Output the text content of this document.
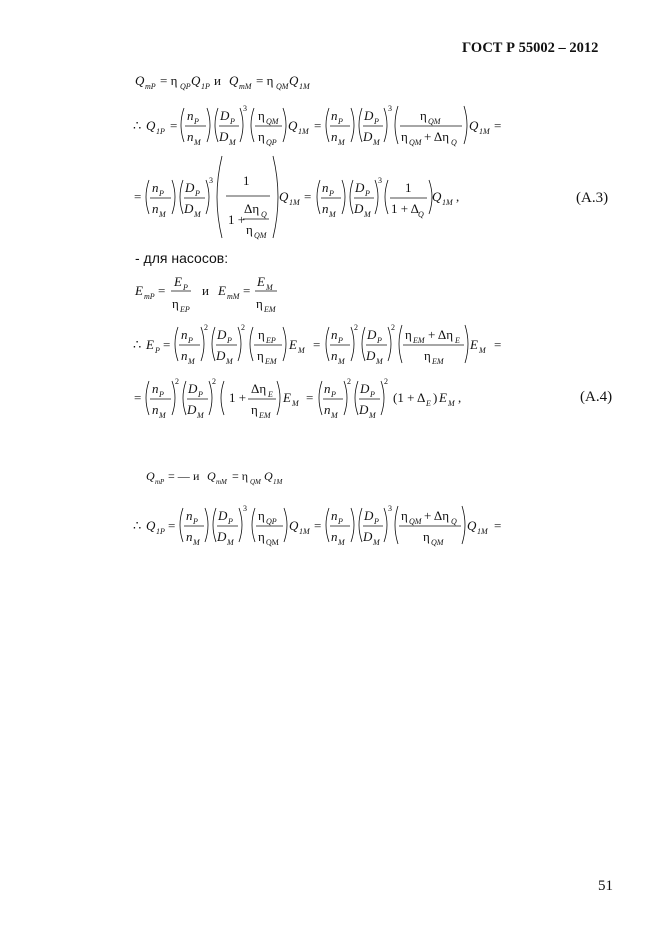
ГОСТ Р 55002 – 2012
Q mP = η QP Q 1P и Q mM = η QM Q 1M
∴ Q 1P =
n P
n M
D P
D M
3 η QM
η QP
Q 1M =
n P
n M
D P
D M
3 η QM
η QM + Δη Q
Q 1M =
=
n P
n M
D P
D M
3 1
Δη Q
1 +
η QM
Q 1M =
n P
n M
D P
D M
3 1
1 + Δ Q
Q 1M ,	(А.3)
- для насосов:
E mP =
E P
η EP
и E mM =
E M
η EM
∴ E P =
n P
n M
2 D P
D M
2 η EP
η EM
E M =
n P
n M
2 D P
D M
2 η EM + Δη E
η EM
E M =
=
n P
n M
2 D P
D M
2
1 +
Δη E
η EM
E M =
n P
n M
2 D P
D M
2
(1 + Δ E ) E M ,	(А.4)
Q mP = — и Q mM = η QM Q 1M
∴ Q 1P =
n P
n M
D P
D M
3 η QP
η QM
Q 1M =
n P
n M
D P
D M
3 η QM + Δη Q
η QM
Q 1M =
51
